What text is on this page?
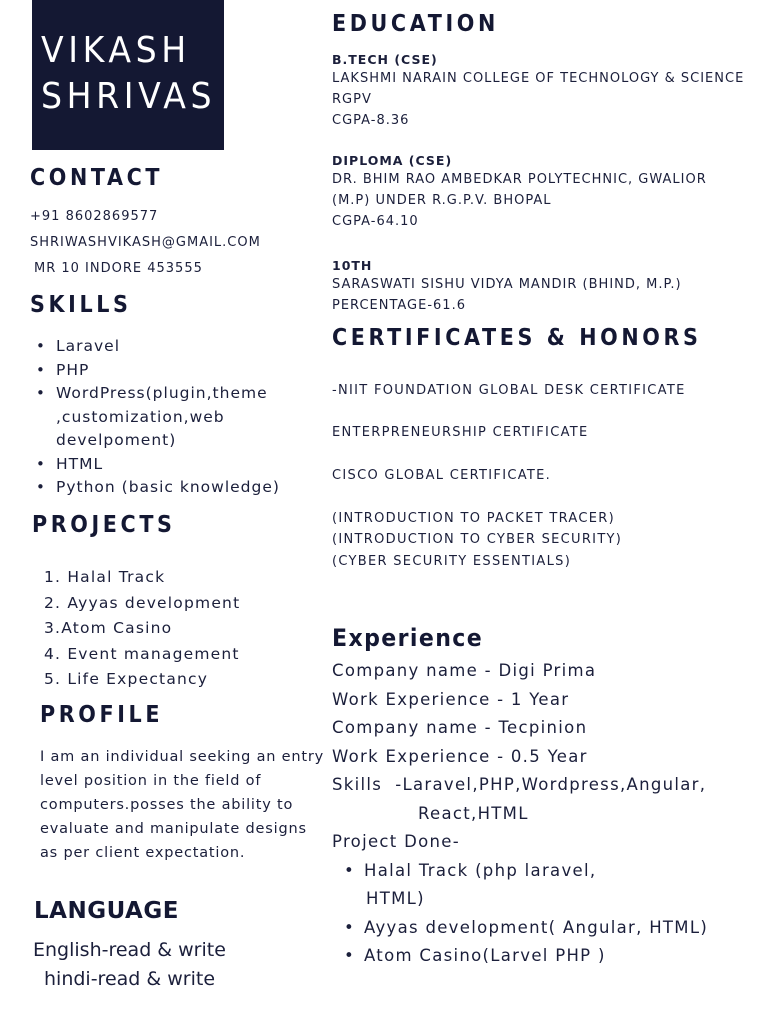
VIKASH
SHRIVAS
CONTACT
+91 8602869577
SHRIWASHVIKASH@GMAIL.COM
MR 10 INDORE 453555
SKILLS
• Laravel
• PHP
• WordPress(plugin,theme
,customization,web
develpoment)
• HTML
• Python (basic knowledge)
PROJECTS
1. Halal Track
2. Ayyas development
3.Atom Casino
4. Event management
5. Life Expectancy
PROFILE
I am an individual seeking an entry level position in the field of computers.posses the ability to evaluate and manipulate designs as per client expectation.
LANGUAGE
English-read & write
hindi-read & write
EDUCATION
B.TECH (CSE)
LAKSHMI NARAIN COLLEGE OF TECHNOLOGY & SCIENCE
RGPV
CGPA-8.36
DIPLOMA (CSE)
DR. BHIM RAO AMBEDKAR POLYTECHNIC, GWALIOR
(M.P) UNDER R.G.P.V. BHOPAL
CGPA-64.10
10TH
SARASWATI SISHU VIDYA MANDIR (BHIND, M.P.)
PERCENTAGE-61.6
CERTIFICATES & HONORS
-NIIT FOUNDATION GLOBAL DESK CERTIFICATE
ENTERPRENEURSHIP CERTIFICATE
CISCO GLOBAL CERTIFICATE.
(INTRODUCTION TO PACKET TRACER)
(INTRODUCTION TO CYBER SECURITY)
(CYBER SECURITY ESSENTIALS)
Experience
Company name - Digi Prima
Work Experience - 1 Year
Company name - Tecpinion
Work Experience - 0.5 Year
Skills  -Laravel,PHP,Wordpress,Angular,
React,HTML
Project Done-
• Halal Track (php laravel,
HTML)
• Ayyas development( Angular, HTML)
• Atom Casino(Larvel PHP )
